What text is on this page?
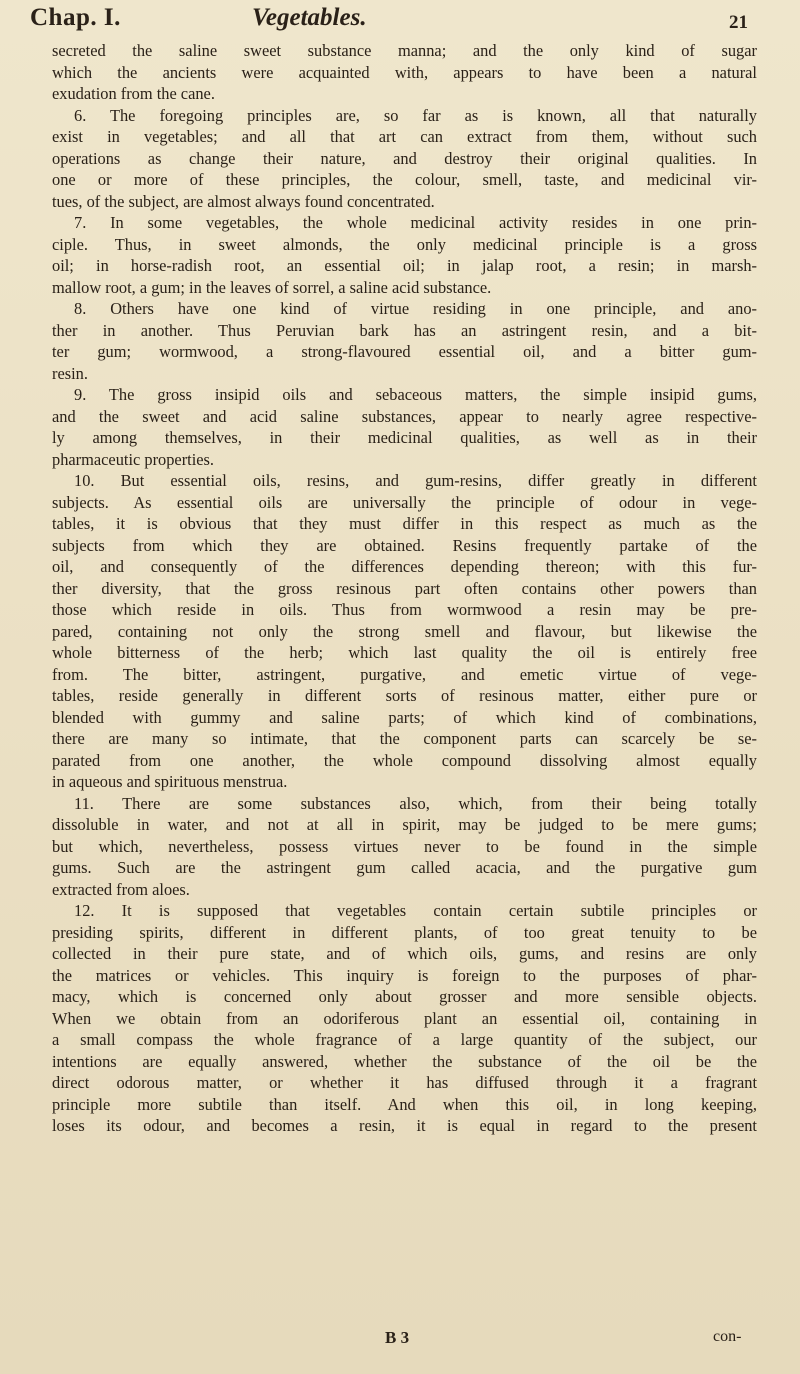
Chap. I.	Vegetables.	21
secreted the saline sweet substance manna; and the only kind of sugar
which the ancients were acquainted with, appears to have been a natural
exudation from the cane.
6. The foregoing principles are, so far as is known, all that naturally
exist in vegetables; and all that art can extract from them, without such
operations as change their nature, and destroy their original qualities. In
one or more of these principles, the colour, smell, taste, and medicinal vir-
tues, of the subject, are almost always found concentrated.
7. In some vegetables, the whole medicinal activity resides in one prin-
ciple. Thus, in sweet almonds, the only medicinal principle is a gross
oil; in horse-radish root, an essential oil; in jalap root, a resin; in marsh-
mallow root, a gum; in the leaves of sorrel, a saline acid substance.
8. Others have one kind of virtue residing in one principle, and ano-
ther in another. Thus Peruvian bark has an astringent resin, and a bit-
ter gum; wormwood, a strong-flavoured essential oil, and a bitter gum-
resin.
9. The gross insipid oils and sebaceous matters, the simple insipid gums,
and the sweet and acid saline substances, appear to nearly agree respective-
ly among themselves, in their medicinal qualities, as well as in their
pharmaceutic properties.
10. But essential oils, resins, and gum-resins, differ greatly in different
subjects. As essential oils are universally the principle of odour in vege-
tables, it is obvious that they must differ in this respect as much as the
subjects from which they are obtained. Resins frequently partake of the
oil, and consequently of the differences depending thereon; with this fur-
ther diversity, that the gross resinous part often contains other powers than
those which reside in oils. Thus from wormwood a resin may be pre-
pared, containing not only the strong smell and flavour, but likewise the
whole bitterness of the herb; which last quality the oil is entirely free
from. The bitter, astringent, purgative, and emetic virtue of vege-
tables, reside generally in different sorts of resinous matter, either pure or
blended with gummy and saline parts; of which kind of combinations,
there are many so intimate, that the component parts can scarcely be se-
parated from one another, the whole compound dissolving almost equally
in aqueous and spirituous menstrua.
11. There are some substances also, which, from their being totally
dissoluble in water, and not at all in spirit, may be judged to be mere gums;
but which, nevertheless, possess virtues never to be found in the simple
gums. Such are the astringent gum called acacia, and the purgative gum
extracted from aloes.
12. It is supposed that vegetables contain certain subtile principles or
presiding spirits, different in different plants, of too great tenuity to be
collected in their pure state, and of which oils, gums, and resins are only
the matrices or vehicles. This inquiry is foreign to the purposes of phar-
macy, which is concerned only about grosser and more sensible objects.
When we obtain from an odoriferous plant an essential oil, containing in
a small compass the whole fragrance of a large quantity of the subject, our
intentions are equally answered, whether the substance of the oil be the
direct odorous matter, or whether it has diffused through it a fragrant
principle more subtile than itself. And when this oil, in long keeping,
loses its odour, and becomes a resin, it is equal in regard to the present
B 3	con-
